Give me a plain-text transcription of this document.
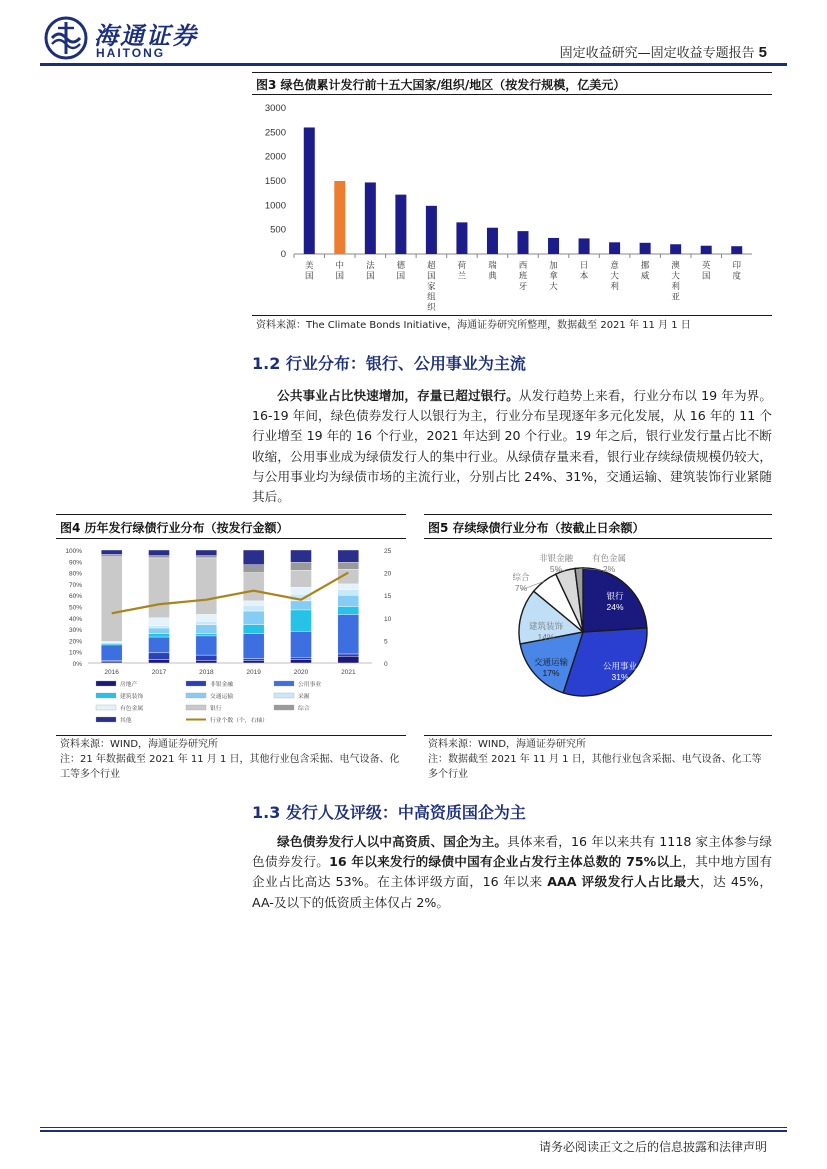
海通证券
HAITONG	固定收益研究—固定收益专题报告 5
图3 绿色债累计发行前十五大国家/组织/地区（按发行规模，亿美元）
0
500
1000
1500
2000
2500
3000
美国
中国
法国
德国
超国家组织
荷兰
瑞典
西班牙
加拿大
日本
意大利
挪威
澳大利亚
英国
印度
资料来源：The Climate Bonds Initiative，海通证券研究所整理，数据截至 2021 年 11 月 1 日
1.2 行业分布：银行、公用事业为主流
公共事业占比快速增加，存量已超过银行。从发行趋势上来看，行业分布以 19 年为界。16-19 年间，绿色债券发行人以银行为主，行业分布呈现逐年多元化发展，从 16 年的 11 个行业增至 19 年的 16 个行业，2021 年达到 20 个行业。19 年之后，银行业发行量占比不断收缩，公用事业成为绿债发行人的集中行业。从绿债存量来看，银行业存续绿债规模仍较大，与公用事业均为绿债市场的主流行业，分别占比 24%、31%，交通运输、建筑装饰行业紧随其后。
图4 历年发行绿债行业分布（按发行金额）
0%
10%
20%
30%
40%
50%
60%
70%
80%
90%
100%
0
5
10
15
20
25
2016	2017	2018	2019	2020	2021
房地产	非银金融	公用事业
建筑装饰	交通运输	采掘
有色金属	银行	综合
其他	行业个数（个，右轴）
资料来源：WIND，海通证券研究所
注：21 年数据截至 2021 年 11 月 1 日，其他行业包含采掘、电气设备、化
工等多个行业
图5 存续绿债行业分布（按截止日余额）
银行
24%
公用事业
31%
交通运输
17%
建筑装饰
14%
综合
7%
非银金融
5%
有色金属
2%
资料来源：WIND，海通证券研究所
注：数据截至 2021 年 11 月 1 日，其他行业包含采掘、电气设备、化工等
多个行业
1.3 发行人及评级：中高资质国企为主
绿色债券发行人以中高资质、国企为主。具体来看，16 年以来共有 1118 家主体参与绿色债券发行。16 年以来发行的绿债中国有企业占发行主体总数的 75%以上，其中地方国有企业占比高达 53%。在主体评级方面，16 年以来 AAA 评级发行人占比最大，达 45%，AA-及以下的低资质主体仅占 2%。
请务必阅读正文之后的信息披露和法律声明
